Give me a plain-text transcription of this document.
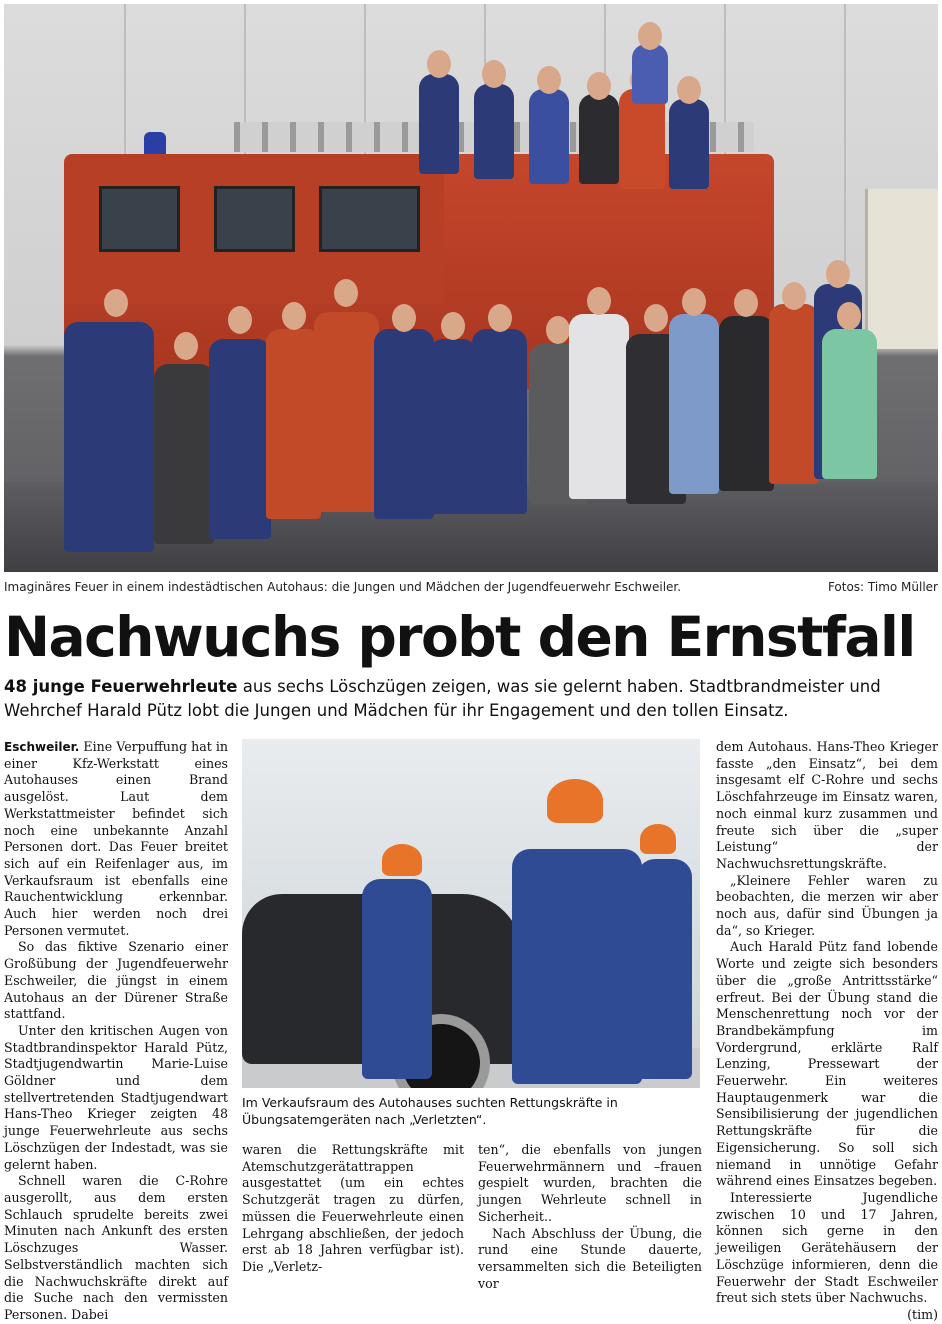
Imaginäres Feuer in einem indestädtischen Autohaus: die Jungen und Mädchen der Jugendfeuerwehr Eschweiler.	Fotos: Timo Müller
Nachwuchs probt den Ernstfall
48 junge Feuerwehrleute aus sechs Löschzügen zeigen, was sie gelernt haben. Stadtbrandmeister und Wehrchef Harald Pütz lobt die Jungen und Mädchen für ihr Engagement und den tollen Einsatz.

Eschweiler. Eine Verpuffung hat in einer Kfz-Werkstatt eines Autohauses einen Brand ausgelöst. Laut dem Werkstattmeister befindet sich noch eine unbekannte Anzahl Personen dort. Das Feuer breitet sich auf ein Reifenlager aus, im Verkaufsraum ist ebenfalls eine Rauchentwicklung erkennbar. Auch hier werden noch drei Personen vermutet.

So das fiktive Szenario einer Großübung der Jugendfeuerwehr Eschweiler, die jüngst in einem Autohaus an der Dürener Straße stattfand.

Unter den kritischen Augen von Stadtbrandinspektor Harald Pütz, Stadtjugendwartin Marie-Luise Göldner und dem stellvertretenden Stadtjugendwart Hans-Theo Krieger zeigten 48 junge Feuerwehrleute aus sechs Löschzügen der Indestadt, was sie gelernt haben.

Schnell waren die C-Rohre ausgerollt, aus dem ersten Schlauch sprudelte bereits zwei Minuten nach Ankunft des ersten Löschzuges Wasser. Selbstverständlich machten sich die Nachwuchskräfte direkt auf die Suche nach den vermissten Personen. Dabei

Im Verkaufsraum des Autohauses suchten Rettungskräfte in Übungsatemgeräten nach „Verletzten“.

waren die Rettungskräfte mit Atemschutzgerätattrappen ausgestattet (um ein echtes Schutzgerät tragen zu dürfen, müssen die Feuerwehrleute einen Lehrgang abschließen, der jedoch erst ab 18 Jahren verfügbar ist). Die „Verletz-

ten“, die ebenfalls von jungen Feuerwehrmännern und –frauen gespielt wurden, brachten die jungen Wehrleute schnell in Sicherheit..

Nach Abschluss der Übung, die rund eine Stunde dauerte, versammelten sich die Beteiligten vor

dem Autohaus. Hans-Theo Krieger fasste „den Einsatz“, bei dem insgesamt elf C-Rohre und sechs Löschfahrzeuge im Einsatz waren, noch einmal kurz zusammen und freute sich über die „super Leistung“ der Nachwuchsrettungskräfte.

„Kleinere Fehler waren zu beobachten, die merzen wir aber noch aus, dafür sind Übungen ja da“, so Krieger.

Auch Harald Pütz fand lobende Worte und zeigte sich besonders über die „große Antrittsstärke“ erfreut. Bei der Übung stand die Menschenrettung noch vor der Brandbekämpfung im Vordergrund, erklärte Ralf Lenzing, Pressewart der Feuerwehr. Ein weiteres Hauptaugenmerk war die Sensibilisierung der jugendlichen Rettungskräfte für die Eigensicherung. So soll sich niemand in unnötige Gefahr während eines Einsatzes begeben.

Interessierte Jugendliche zwischen 10 und 17 Jahren, können sich gerne in den jeweiligen Gerätehäusern der Löschzüge informieren, denn die Feuerwehr der Stadt Eschweiler freut sich stets über Nachwuchs.
(tim)
